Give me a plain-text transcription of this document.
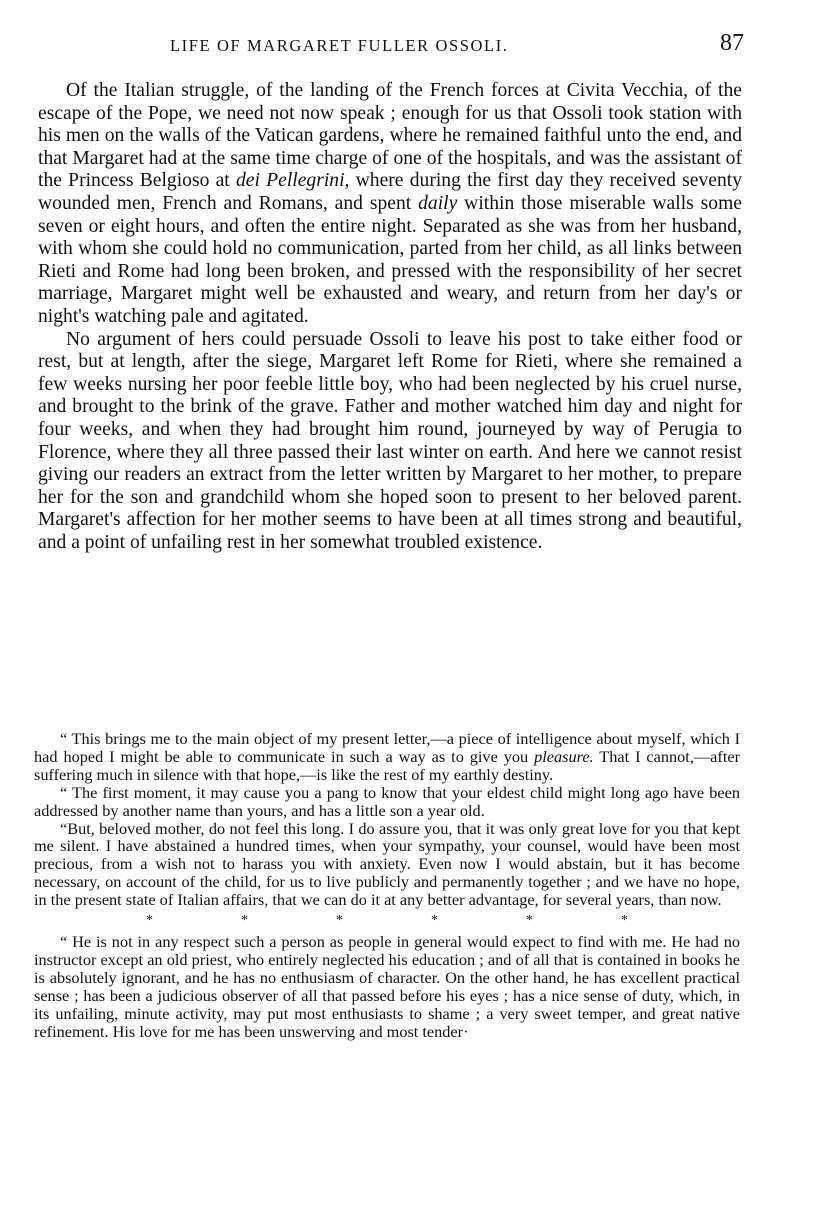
LIFE OF MARGARET FULLER OSSOLI.	87

Of the Italian struggle, of the landing of the French forces at Civita Vecchia, of the escape of the Pope, we need not now speak ; enough for us that Ossoli took station with his men on the walls of the Vatican gardens, where he remained faithful unto the end, and that Margaret had at the same time charge of one of the hospitals, and was the assistant of the Princess Belgioso at dei Pellegrini, where during the first day they received seventy wounded men, French and Romans, and spent daily within those miserable walls some seven or eight hours, and often the entire night. Separated as she was from her husband, with whom she could hold no communication, parted from her child, as all links between Rieti and Rome had long been broken, and pressed with the responsibility of her secret marriage, Margaret might well be exhausted and weary, and return from her day's or night's watching pale and agitated.

No argument of hers could persuade Ossoli to leave his post to take either food or rest, but at length, after the siege, Margaret left Rome for Rieti, where she remained a few weeks nursing her poor feeble little boy, who had been neglected by his cruel nurse, and brought to the brink of the grave. Father and mother watched him day and night for four weeks, and when they had brought him round, journeyed by way of Perugia to Florence, where they all three passed their last winter on earth. And here we cannot resist giving our readers an extract from the letter written by Margaret to her mother, to prepare her for the son and grandchild whom she hoped soon to present to her beloved parent. Margaret's affection for her mother seems to have been at all times strong and beautiful, and a point of unfailing rest in her somewhat troubled existence.

“ This brings me to the main object of my present letter,—a piece of intelligence about myself, which I had hoped I might be able to communicate in such a way as to give you pleasure. That I cannot,—after suffering much in silence with that hope,—is like the rest of my earthly destiny.

“ The first moment, it may cause you a pang to know that your eldest child might long ago have been addressed by another name than yours, and has a little son a year old.

“But, beloved mother, do not feel this long. I do assure you, that it was only great love for you that kept me silent. I have abstained a hundred times, when your sympathy, your counsel, would have been most precious, from a wish not to harass you with anxiety. Even now I would abstain, but it has become necessary, on account of the child, for us to live publicly and permanently together ; and we have no hope, in the present state of Italian affairs, that we can do it at any better advantage, for several years, than now.

*	*	*	*	*	*

“ He is not in any respect such a person as people in general would expect to find with me. He had no instructor except an old priest, who entirely neglected his education ; and of all that is contained in books he is absolutely ignorant, and he has no enthusiasm of character. On the other hand, he has excellent practical sense ; has been a judicious observer of all that passed before his eyes ; has a nice sense of duty, which, in its unfailing, minute activity, may put most enthusiasts to shame ; a very sweet temper, and great native refinement. His love for me has been unswerving and most tender·
